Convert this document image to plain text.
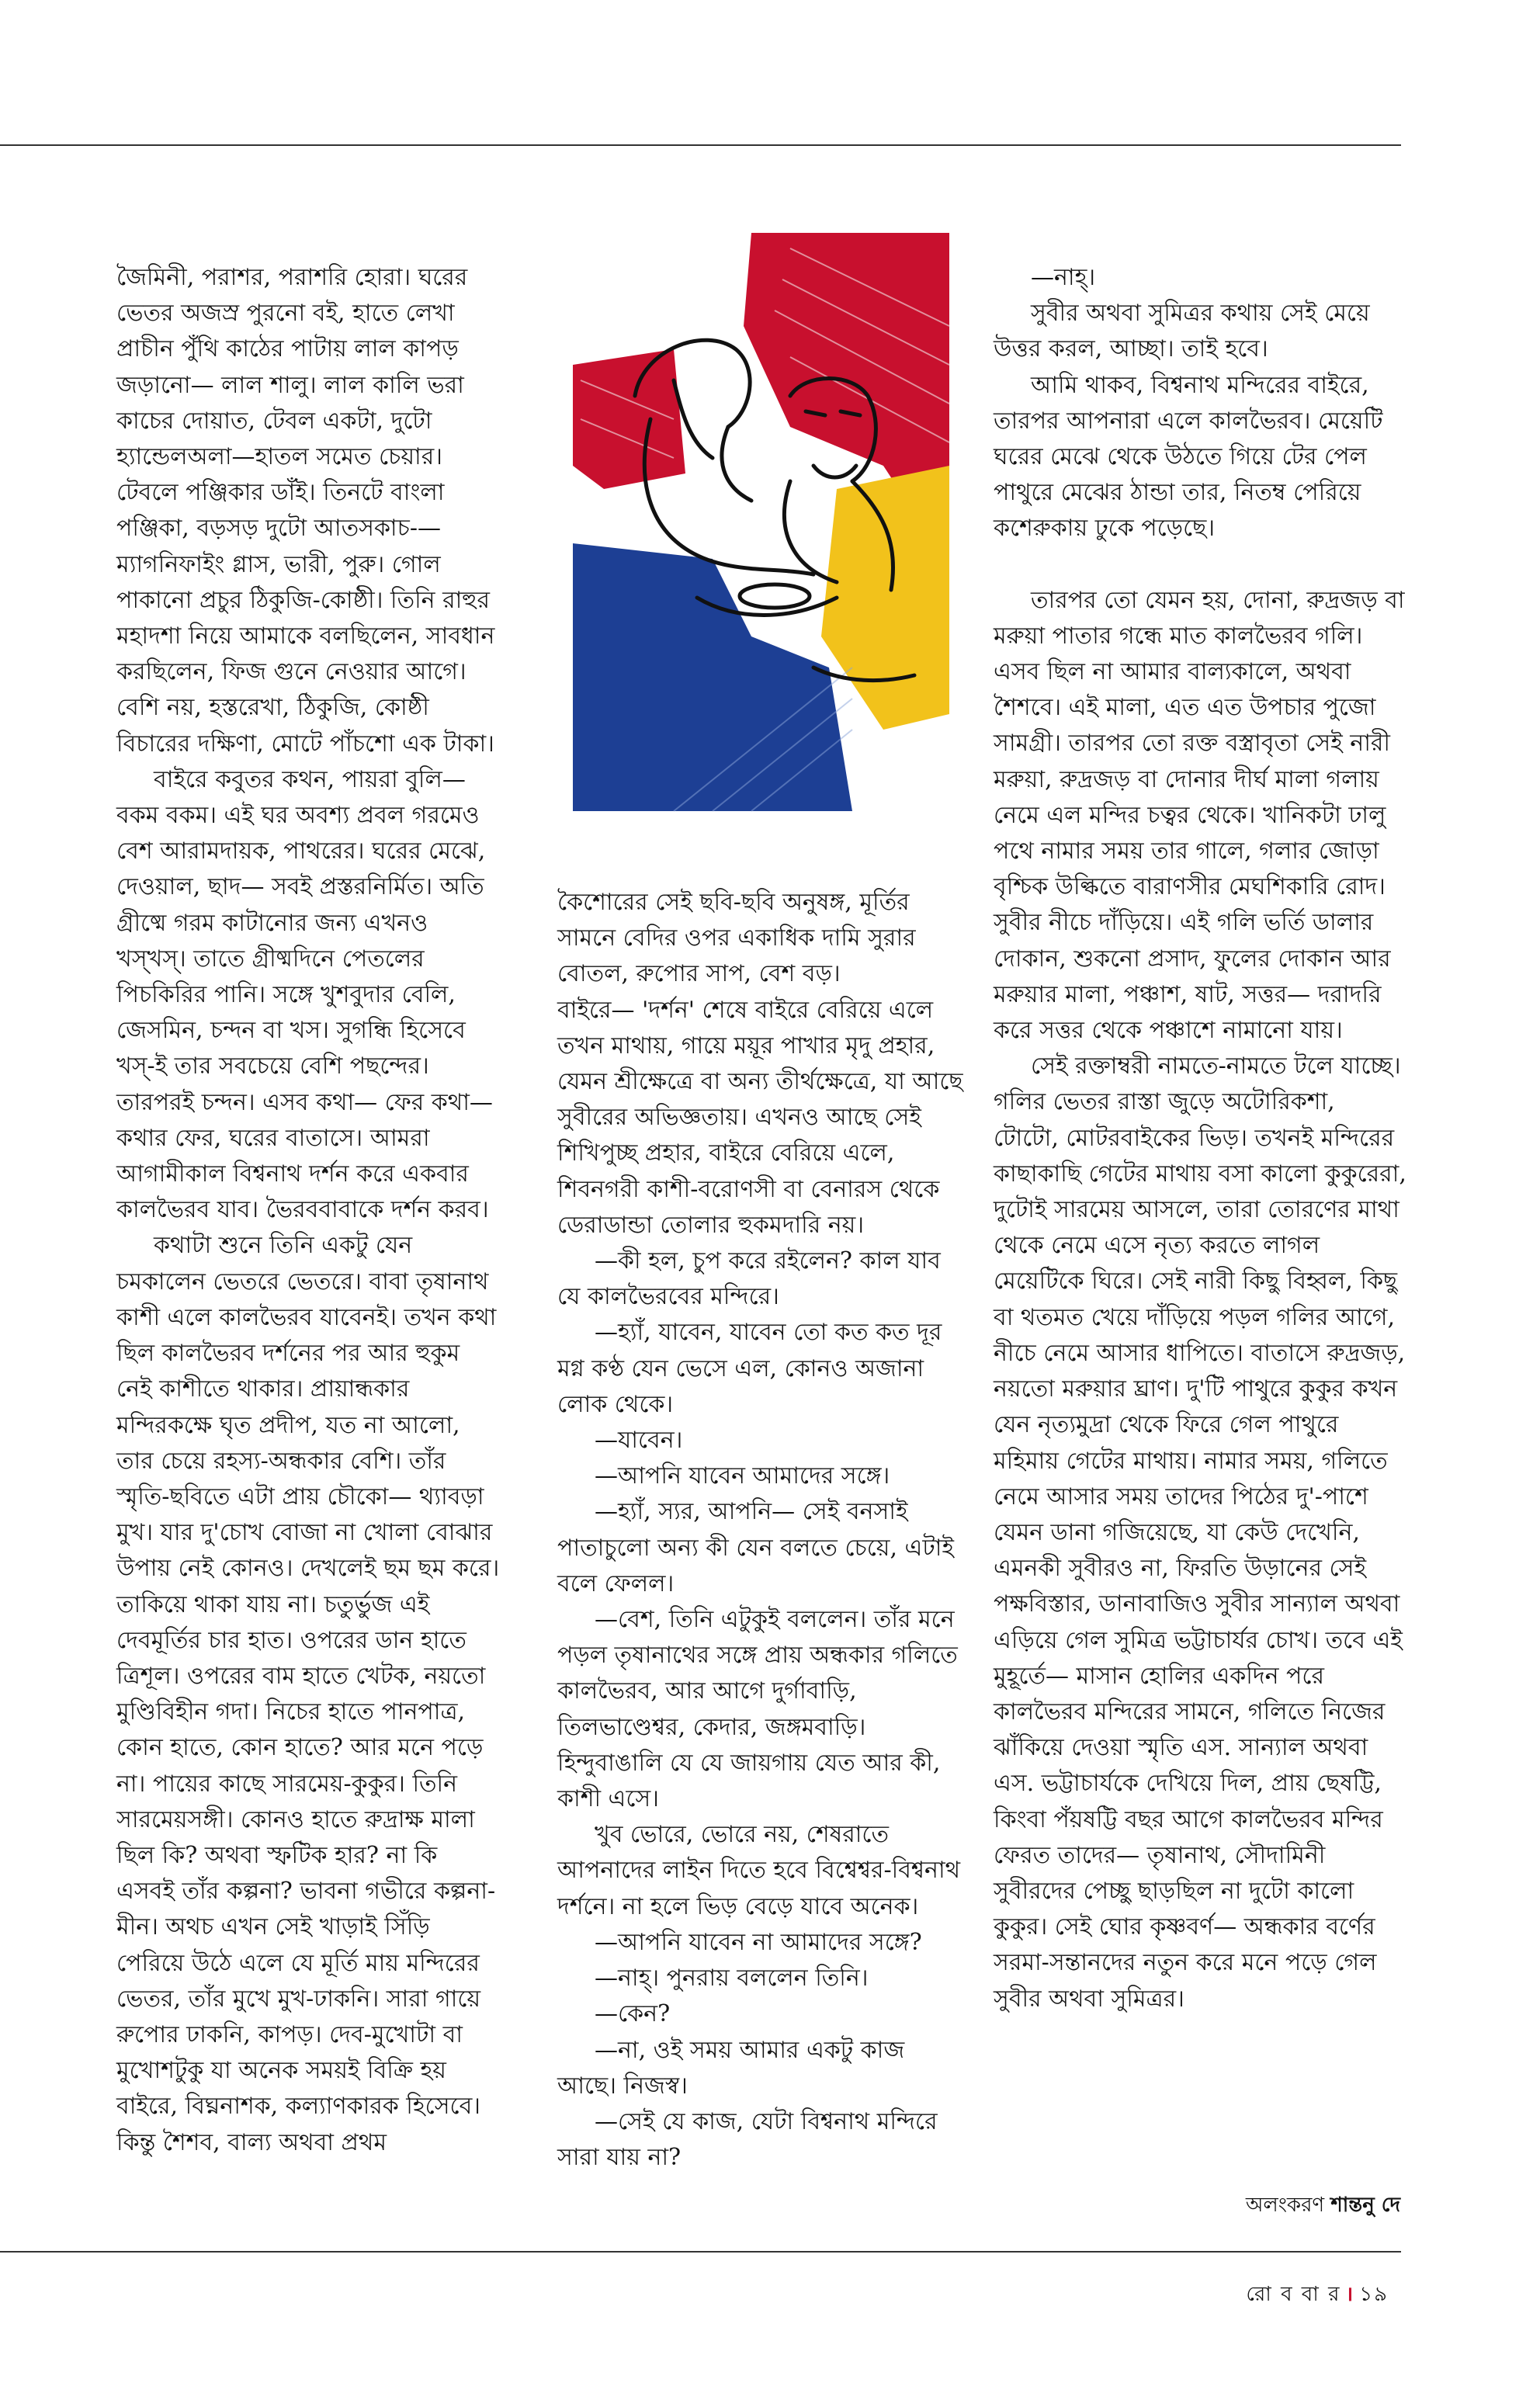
জৈমিনী, পরাশর, পরাশরি হোরা। ঘরের ভেতর অজস্র পুরনো বই, হাতে লেখা প্রাচীন পুঁথি কাঠের পাটায় লাল কাপড় জড়ানো— লাল শালু। লাল কালি ভরা কাচের দোয়াত, টেবল একটা, দুটো হ্যান্ডেলঅলা—হাতল সমেত চেয়ার। টেবলে পঞ্জিকার ডাঁই। তিনটে বাংলা পঞ্জিকা, বড়সড় দুটো আতসকাচ-— ম্যাগনিফাইং গ্লাস, ভারী, পুরু। গোল পাকানো প্রচুর ঠিকুজি-কোষ্ঠী। তিনি রাহুর মহাদশা নিয়ে আমাকে বলছিলেন, সাবধান করছিলেন, ফিজ গুনে নেওয়ার আগে। বেশি নয়, হস্তরেখা, ঠিকুজি, কোষ্ঠী বিচারের দক্ষিণা, মোটে পাঁচশো এক টাকা।

বাইরে কবুতর কথন, পায়রা বুলি— বকম বকম। এই ঘর অবশ্য প্রবল গরমেও বেশ আরামদায়ক, পাথরের। ঘরের মেঝে, দেওয়াল, ছাদ— সবই প্রস্তরনির্মিত। অতি গ্রীষ্মে গরম কাটানোর জন্য এখনও খস্‌খস্‌। তাতে গ্রীষ্মদিনে পেতলের পিচকিরির পানি। সঙ্গে খুশবুদার বেলি, জেসমিন, চন্দন বা খস। সুগন্ধি হিসেবে খস্‌-ই তার সবচেয়ে বেশি পছন্দের। তারপরই চন্দন। এসব কথা— ফের কথা— কথার ফের, ঘরের বাতাসে। আমরা আগামীকাল বিশ্বনাথ দর্শন করে একবার কালভৈরব যাব। ভৈরববাবাকে দর্শন করব।

কথাটা শুনে তিনি একটু যেন চমকালেন ভেতরে ভেতরে। বাবা তৃষানাথ কাশী এলে কালভৈরব যাবেনই। তখন কথা ছিল কালভৈরব দর্শনের পর আর হুকুম নেই কাশীতে থাকার। প্রায়ান্ধকার মন্দিরকক্ষে ঘৃত প্রদীপ, যত না আলো, তার চেয়ে রহস্য-অন্ধকার বেশি। তাঁর স্মৃতি-ছবিতে এটা প্রায় চৌকো— থ্যাবড়া মুখ। যার দু'চোখ বোজা না খোলা বোঝার উপায় নেই কোনও। দেখলেই ছম ছম করে। তাকিয়ে থাকা যায় না। চতুর্ভুজ এই দেবমূর্তির চার হাত। ওপরের ডান হাতে ত্রিশূল। ওপরের বাম হাতে খেটক, নয়তো মুণ্ডিবিহীন গদা। নিচের হাতে পানপাত্র, কোন হাতে, কোন হাতে? আর মনে পড়ে না। পায়ের কাছে সারমেয়-কুকুর। তিনি সারমেয়সঙ্গী। কোনও হাতে রুদ্রাক্ষ মালা ছিল কি? অথবা স্ফটিক হার? না কি এসবই তাঁর কল্পনা? ভাবনা গভীরে কল্পনা-মীন। অথচ এখন সেই খাড়াই সিঁড়ি পেরিয়ে উঠে এলে যে মূর্তি মায় মন্দিরের ভেতর, তাঁর মুখে মুখ-ঢাকনি। সারা গায়ে রুপোর ঢাকনি, কাপড়। দেব-মুখোটা বা মুখোশটুকু যা অনেক সময়ই বিক্রি হয় বাইরে, বিঘ্ননাশক, কল্যাণকারক হিসেবে। কিন্তু শৈশব, বাল্য অথবা প্রথম

কৈশোরের সেই ছবি-ছবি অনুষঙ্গ, মূর্তির সামনে বেদির ওপর একাধিক দামি সুরার বোতল, রুপোর সাপ, বেশ বড়।

বাইরে— 'দর্শন' শেষে বাইরে বেরিয়ে এলে তখন মাথায়, গায়ে ময়ূর পাখার মৃদু প্রহার, যেমন শ্রীক্ষেত্রে বা অন্য তীর্থক্ষেত্রে, যা আছে সুবীরের অভিজ্ঞতায়। এখনও আছে সেই শিখিপুচ্ছ প্রহার, বাইরে বেরিয়ে এলে, শিবনগরী কাশী-বরোণসী বা বেনারস থেকে ডেরাডান্ডা তোলার হুকমদারি নয়।

—কী হল, চুপ করে রইলেন? কাল যাব যে কালভৈরবের মন্দিরে।

—হ্যাঁ, যাবেন, যাবেন তো কত কত দূর মগ্ন কণ্ঠ যেন ভেসে এল, কোনও অজানা লোক থেকে।

—যাবেন।

—আপনি যাবেন আমাদের সঙ্গে।

—হ্যাঁ, স্যর, আপনি— সেই বনসাই পাতাচুলো অন্য কী যেন বলতে চেয়ে, এটাই বলে ফেলল।

—বেশ, তিনি এটুকুই বললেন। তাঁর মনে পড়ল তৃষানাথের সঙ্গে প্রায় অন্ধকার গলিতে কালভৈরব, আর আগে দুর্গাবাড়ি, তিলভাণ্ডেশ্বর, কেদার, জঙ্গমবাড়ি। হিন্দুবাঙালি যে যে জায়গায় যেত আর কী, কাশী এসে।

খুব ভোরে, ভোরে নয়, শেষরাতে আপনাদের লাইন দিতে হবে বিশ্বেশ্বর-বিশ্বনাথ দর্শনে। না হলে ভিড় বেড়ে যাবে অনেক।

—আপনি যাবেন না আমাদের সঙ্গে?

—নাহ্‌। পুনরায় বললেন তিনি।

—কেন?

—না, ওই সময় আমার একটু কাজ আছে। নিজস্ব।

—সেই যে কাজ, যেটা বিশ্বনাথ মন্দিরে সারা যায় না?

—নাহ্‌।

সুবীর অথবা সুমিত্রর কথায় সেই মেয়ে উত্তর করল, আচ্ছা। তাই হবে।

আমি থাকব, বিশ্বনাথ মন্দিরের বাইরে, তারপর আপনারা এলে কালভৈরব। মেয়েটি ঘরের মেঝে থেকে উঠতে গিয়ে টের পেল পাথুরে মেঝের ঠান্ডা তার, নিতম্ব পেরিয়ে কশেরুকায় ঢুকে পড়েছে।

তারপর তো যেমন হয়, দোনা, রুদ্রজড় বা মরুয়া পাতার গন্ধে মাত কালভৈরব গলি। এসব ছিল না আমার বাল্যকালে, অথবা শৈশবে। এই মালা, এত এত উপচার পুজো সামগ্রী। তারপর তো রক্ত বস্ত্রাবৃতা সেই নারী মরুয়া, রুদ্রজড় বা দোনার দীর্ঘ মালা গলায় নেমে এল মন্দির চত্বর থেকে। খানিকটা ঢালু পথে নামার সময় তার গালে, গলার জোড়া বৃশ্চিক উল্কিতে বারাণসীর মেঘশিকারি রোদ। সুবীর নীচে দাঁড়িয়ে। এই গলি ভর্তি ডালার দোকান, শুকনো প্রসাদ, ফুলের দোকান আর মরুয়ার মালা, পঞ্চাশ, ষাট, সত্তর— দরাদরি করে সত্তর থেকে পঞ্চাশে নামানো যায়।

সেই রক্তাম্বরী নামতে-নামতে টলে যাচ্ছে। গলির ভেতর রাস্তা জুড়ে অটোরিকশা, টোটো, মোটরবাইকের ভিড়। তখনই মন্দিরের কাছাকাছি গেটের মাথায় বসা কালো কুকুরেরা, দুটোই সারমেয় আসলে, তারা তোরণের মাথা থেকে নেমে এসে নৃত্য করতে লাগল মেয়েটিকে ঘিরে। সেই নারী কিছু বিহ্বল, কিছু বা থতমত খেয়ে দাঁড়িয়ে পড়ল গলির আগে, নীচে নেমে আসার ধাপিতে। বাতাসে রুদ্রজড়, নয়তো মরুয়ার ঘ্রাণ। দু'টি পাথুরে কুকুর কখন যেন নৃত্যমুদ্রা থেকে ফিরে গেল পাথুরে মহিমায় গেটের মাথায়। নামার সময়, গলিতে নেমে আসার সময় তাদের পিঠের দু'-পাশে যেমন ডানা গজিয়েছে, যা কেউ দেখেনি, এমনকী সুবীরও না, ফিরতি উড়ানের সেই পক্ষবিস্তার, ডানাবাজিও সুবীর সান্যাল অথবা এড়িয়ে গেল সুমিত্র ভট্টাচার্যর চোখ। তবে এই মুহূর্তে— মাসান হোলির একদিন পরে কালভৈরব মন্দিরের সামনে, গলিতে নিজের ঝাঁকিয়ে দেওয়া স্মৃতি এস. সান্যাল অথবা এস. ভট্টাচার্যকে দেখিয়ে দিল, প্রায় ছেষট্টি, কিংবা পঁয়ষট্টি বছর আগে কালভৈরব মন্দির ফেরত তাদের— তৃষানাথ, সৌদামিনী সুবীরদের পেচ্ছু ছাড়ছিল না দুটো কালো কুকুর। সেই ঘোর কৃষ্ণবর্ণ— অন্ধকার বর্ণের সরমা-সন্তানদের নতুন করে মনে পড়ে গেল সুবীর অথবা সুমিত্রর।

অলংকরণ শান্তনু দে
রো ব বা র । ১৯
